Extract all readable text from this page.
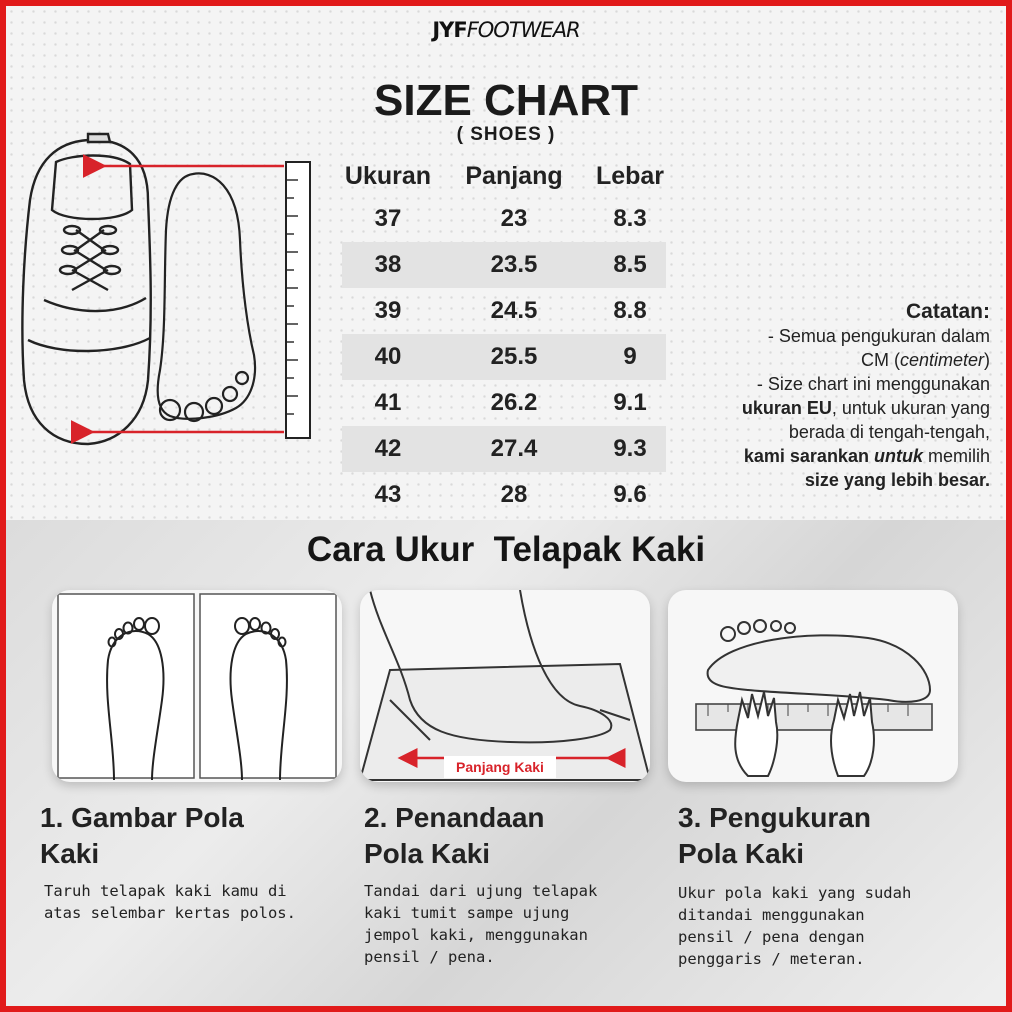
JYFFOOTWEAR
SIZE CHART
( SHOES )
Ukuran	Panjang	Lebar
37	23	8.3
38	23.5	8.5
39	24.5	8.8
40	25.5	9
41	26.2	9.1
42	27.4	9.3
43	28	9.6
Catatan:
- Semua pengukuran dalam
CM (centimeter)
- Size chart ini menggunakan
ukuran EU, untuk ukuran yang
berada di tengah-tengah,
kami sarankan untuk memilih
size yang lebih besar.
Cara Ukur  Telapak Kaki
Panjang Kaki
1. Gambar Pola
Kaki
Taruh telapak kaki kamu di
atas selembar kertas polos.
2. Penandaan
Pola Kaki
Tandai dari ujung telapak
kaki tumit sampe ujung
jempol kaki, menggunakan
pensil / pena.
3. Pengukuran
Pola Kaki
Ukur pola kaki yang sudah
ditandai menggunakan
pensil / pena dengan
penggaris / meteran.
